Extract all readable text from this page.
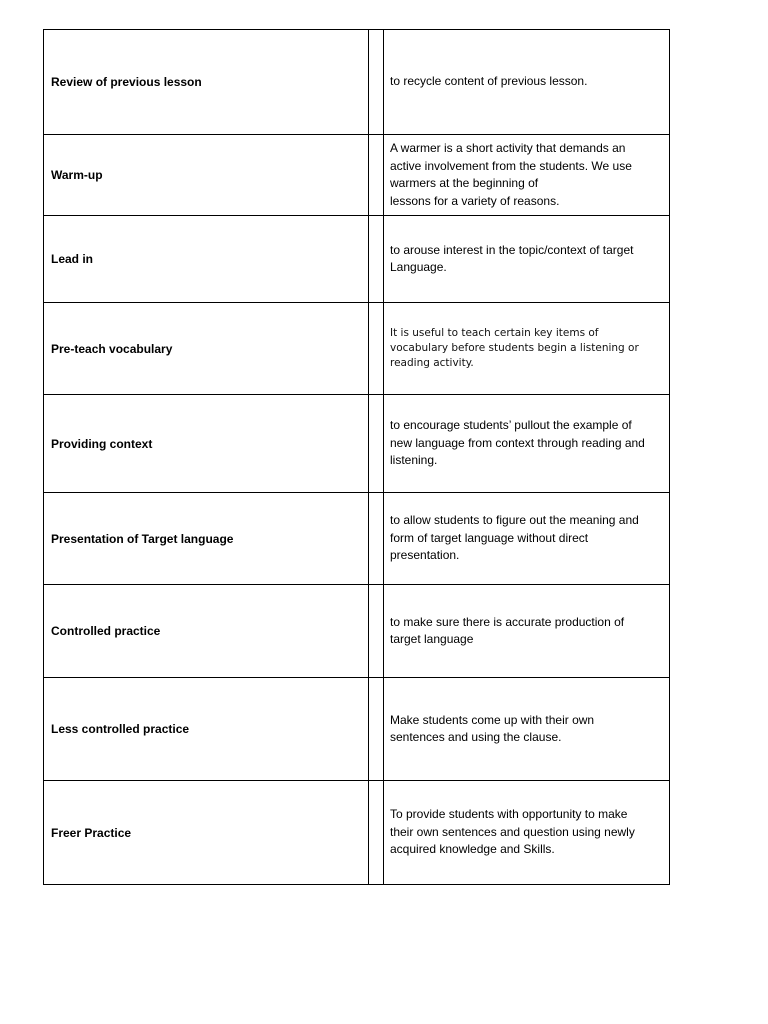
Review of previous lesson		to recycle content of previous lesson.

Warm-up		A warmer is a short activity that demands an
active involvement from the students. We use
warmers at the beginning of
lessons for a variety of reasons.

Lead in		to arouse interest in the topic/context of target
Language.

Pre-teach vocabulary		It is useful to teach certain key items of
vocabulary before students begin a listening or
reading activity.

Providing context		to encourage students’ pullout the example of
new language from context through reading and
listening.

Presentation of Target language		to allow students to figure out the meaning and
form of target language without direct
presentation.

Controlled practice		to make sure there is accurate production of
target language

Less controlled practice		Make students come up with their own
sentences and using the clause.

Freer Practice		To provide students with opportunity to make
their own sentences and question using newly
acquired knowledge and Skills.
